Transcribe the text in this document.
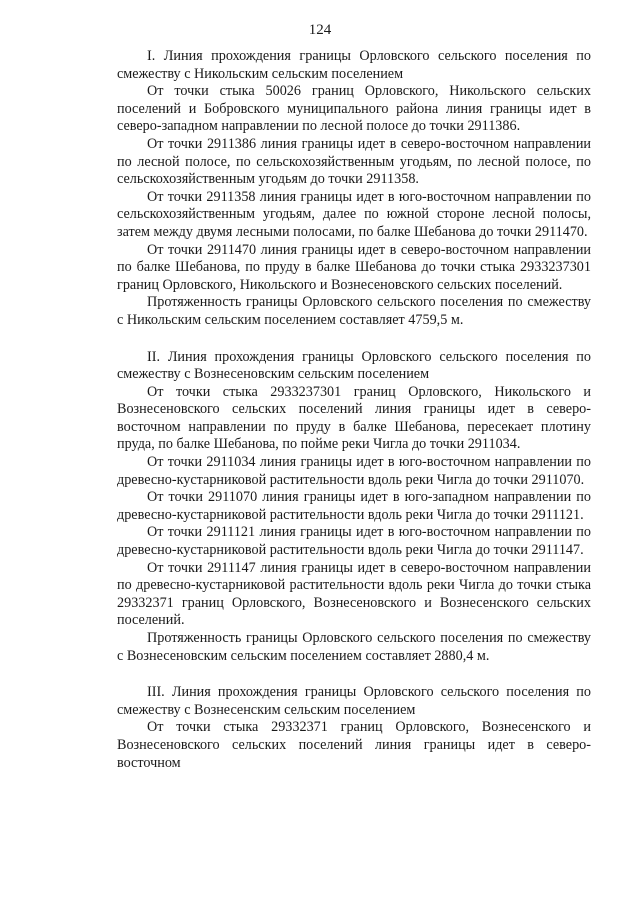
124

I. Линия прохождения границы Орловского сельского поселения по смежеству с Никольским сельским поселением

От точки стыка 50026 границ Орловского, Никольского сельских поселений и Бобровского муниципального района линия границы идет в северо-западном направлении по лесной полосе до точки 2911386.

От точки 2911386 линия границы идет в северо-восточном направлении по лесной полосе, по сельскохозяйственным угодьям, по лесной полосе, по сельскохозяйственным угодьям до точки 2911358.

От точки 2911358 линия границы идет в юго-восточном направлении по сельскохозяйственным угодьям, далее по южной стороне лесной полосы, затем между двумя лесными полосами, по балке Шебанова до точки 2911470.

От точки 2911470 линия границы идет в северо-восточном направлении по балке Шебанова, по пруду в балке Шебанова до точки стыка 2933237301 границ Орловского, Никольского и Вознесеновского сельских поселений.

Протяженность границы Орловского сельского поселения по смежеству с Никольским сельским поселением составляет 4759,5 м.

II. Линия прохождения границы Орловского сельского поселения по смежеству с Вознесеновским сельским поселением

От точки стыка 2933237301 границ Орловского, Никольского и Вознесеновского сельских поселений линия границы идет в северо-восточном направлении по пруду в балке Шебанова, пересекает плотину пруда, по балке Шебанова, по пойме реки Чигла до точки 2911034.

От точки 2911034 линия границы идет в юго-восточном направлении по древесно-кустарниковой растительности вдоль реки Чигла до точки 2911070.

От точки 2911070 линия границы идет в юго-западном направлении по древесно-кустарниковой растительности вдоль реки Чигла до точки 2911121.

От точки 2911121 линия границы идет в юго-восточном направлении по древесно-кустарниковой растительности вдоль реки Чигла до точки 2911147.

От точки 2911147 линия границы идет в северо-восточном направлении по древесно-кустарниковой растительности вдоль реки Чигла до точки стыка 29332371 границ Орловского, Вознесеновского и Вознесенского сельских поселений.

Протяженность границы Орловского сельского поселения по смежеству с Вознесеновским сельским поселением составляет 2880,4 м.

III. Линия прохождения границы Орловского сельского поселения по смежеству с Вознесенским сельским поселением

От точки стыка 29332371 границ Орловского, Вознесенского и Вознесеновского сельских поселений линия границы идет в северо-восточном
